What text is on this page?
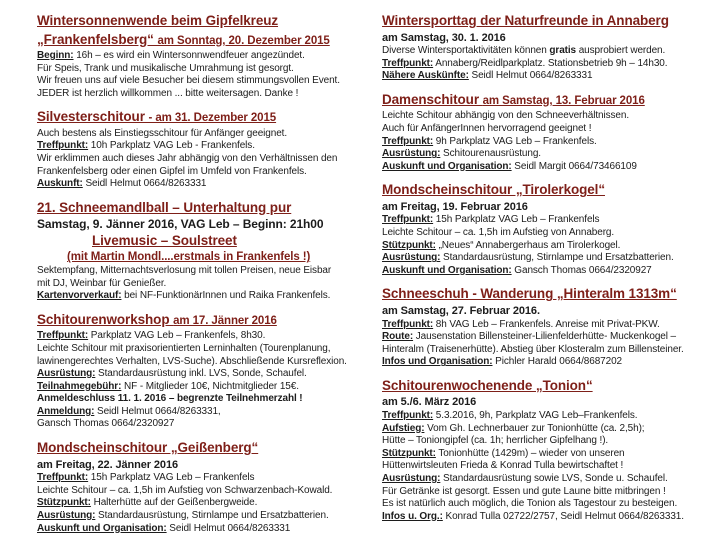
Wintersonnenwende beim Gipfelkreuz
„Frankenfelsberg“ am Sonntag, 20. Dezember 2015
Beginn: 16h – es wird ein Wintersonnwendfeuer angezündet.
Für Speis, Trank und musikalische Umrahmung ist gesorgt.
Wir freuen uns auf viele Besucher bei diesem stimmungsvollen Event.
JEDER ist herzlich willkommen ... bitte weitersagen. Danke !
Silvesterschitour - am 31. Dezember 2015
Auch bestens als Einstiegsschitour für Anfänger geeignet.
Treffpunkt: 10h Parkplatz VAG Leb - Frankenfels.
Wir erklimmen auch dieses Jahr abhängig von den Verhältnissen den
Frankenfelsberg oder einen Gipfel im Umfeld von Frankenfels.
Auskunft: Seidl Helmut 0664/8263331
21. Schneemandlball – Unterhaltung pur
Samstag, 9. Jänner 2016, VAG Leb – Beginn: 21h00
Livemusic – Soulstreet
(mit Martin Mondl....erstmals in Frankenfels !)
Sektempfang, Mitternachtsverlosung mit tollen Preisen, neue Eisbar
mit DJ, Weinbar für Genießer.
Kartenvorverkauf: bei NF-FunktionärInnen und Raika Frankenfels.
Schitourenworkshop am 17. Jänner 2016
Treffpunkt: Parkplatz VAG Leb – Frankenfels, 8h30.
Leichte Schitour mit praxisorientierten Lerninhalten (Tourenplanung,
lawinengerechtes Verhalten, LVS-Suche). Abschließende Kursreflexion.
Ausrüstung: Standardausrüstung inkl. LVS, Sonde, Schaufel.
Teilnahmegebühr: NF - Mitglieder 10€, Nichtmitglieder 15€.
Anmeldeschluss 11. 1. 2016 – begrenzte Teilnehmerzahl !
Anmeldung: Seidl Helmut 0664/8263331,
Gansch Thomas 0664/2320927
Mondscheinschitour „Geißenberg“
am Freitag, 22. Jänner 2016
Treffpunkt: 15h Parkplatz VAG Leb – Frankenfels
Leichte Schitour – ca. 1,5h im Aufstieg von Schwarzenbach-Kowald.
Stützpunkt: Halterhütte auf der Geißenbergweide.
Ausrüstung: Standardausrüstung, Stirnlampe und Ersatzbatterien.
Auskunft und Organisation: Seidl Helmut 0664/8263331
Wintersporttag der Naturfreunde in Annaberg
am Samstag, 30. 1. 2016
Diverse Wintersportaktivitäten können gratis ausprobiert werden.
Treffpunkt: Annaberg/Reidlparkplatz. Stationsbetrieb 9h – 14h30.
Nähere Auskünfte: Seidl Helmut 0664/8263331
Damenschitour am Samstag, 13. Februar 2016
Leichte Schitour abhängig von den Schneeverhältnissen.
Auch für AnfängerInnen hervorragend geeignet !
Treffpunkt: 9h Parkplatz VAG Leb – Frankenfels.
Ausrüstung: Schitourenausrüstung.
Auskunft und Organisation: Seidl Margit 0664/73466109
Mondscheinschitour „Tirolerkogel“
am Freitag, 19. Februar 2016
Treffpunkt: 15h Parkplatz VAG Leb – Frankenfels
Leichte Schitour – ca. 1,5h im Aufstieg von Annaberg.
Stützpunkt: „Neues“ Annabergerhaus am Tirolerkogel.
Ausrüstung: Standardausrüstung, Stirnlampe und Ersatzbatterien.
Auskunft und Organisation: Gansch Thomas 0664/2320927
Schneeschuh - Wanderung „Hinteralm 1313m“
am Samstag, 27. Februar 2016.
Treffpunkt: 8h VAG Leb – Frankenfels. Anreise mit Privat-PKW.
Route: Jausenstation Billensteiner-Lilienfelderhütte- Muckenkogel –
Hinteralm (Traisenerhütte). Abstieg über Klosteralm zum Billensteiner.
Infos und Organisation: Pichler Harald 0664/8687202
Schitourenwochenende „Tonion“
am 5./6. März 2016
Treffpunkt: 5.3.2016, 9h, Parkplatz VAG Leb–Frankenfels.
Aufstieg: Vom Gh. Lechnerbauer zur Tonionhütte (ca. 2,5h);
Hütte – Toniongipfel (ca. 1h; herrlicher Gipfelhang !).
Stützpunkt: Tonionhütte (1429m) – wieder von unseren
Hüttenwirtsleuten Frieda & Konrad Tulla bewirtschaftet !
Ausrüstung: Standardausrüstung sowie LVS, Sonde u. Schaufel.
Für Getränke ist gesorgt. Essen und gute Laune bitte mitbringen !
Es ist natürlich auch möglich, die Tonion als Tagestour zu besteigen.
Infos u. Org.: Konrad Tulla 02722/2757, Seidl Helmut 0664/8263331.
